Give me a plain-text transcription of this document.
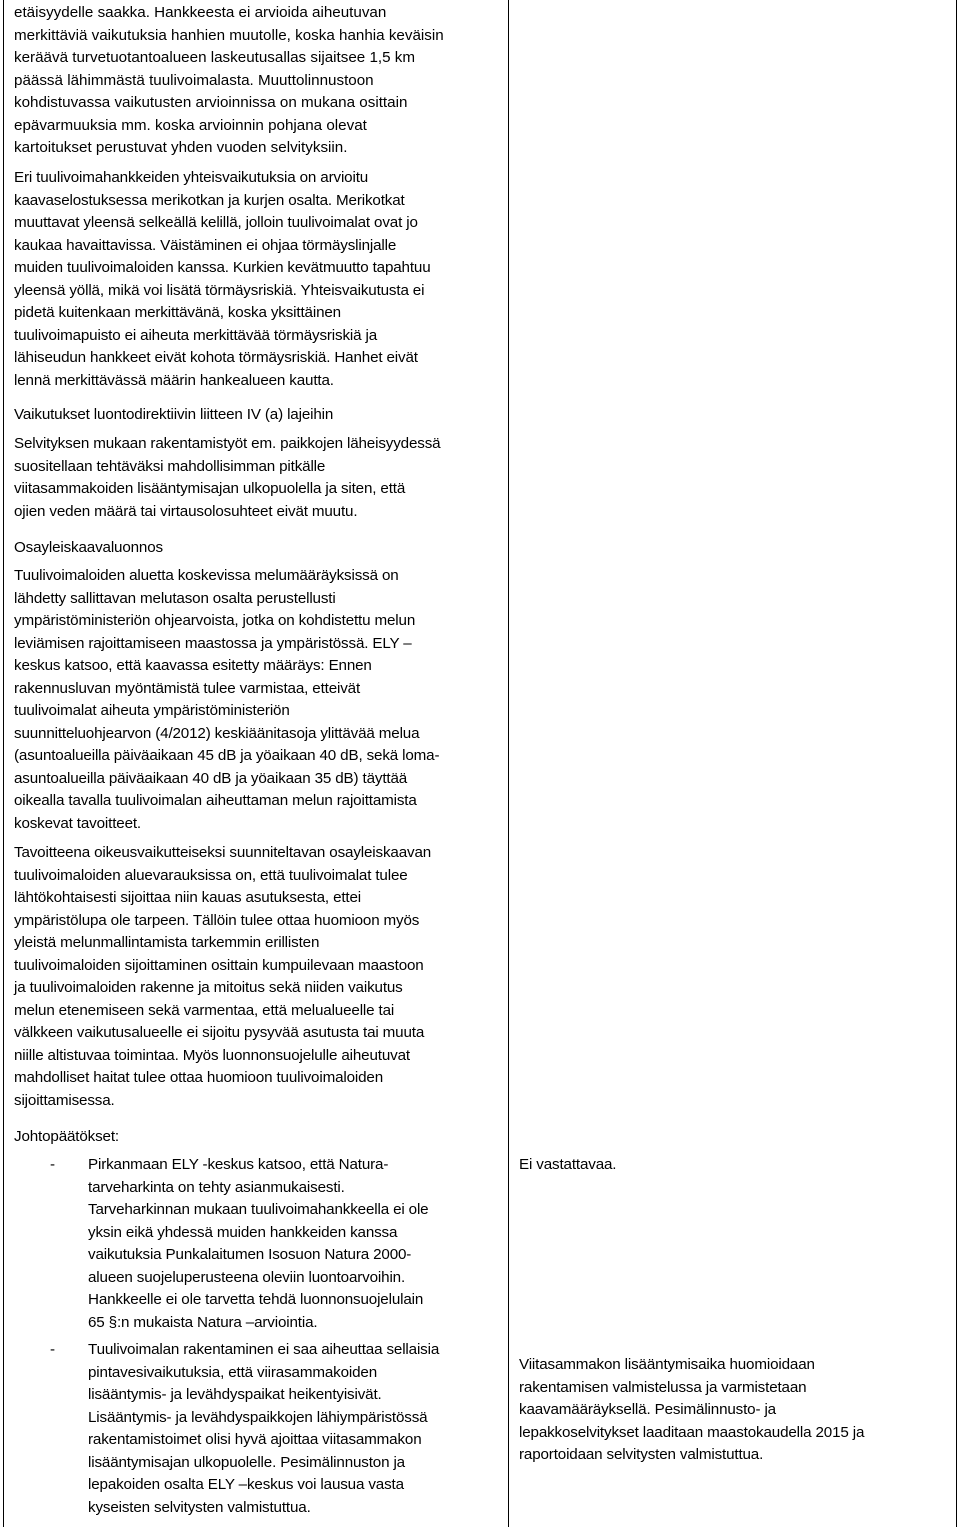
etäisyydelle saakka. Hankkeesta ei arvioida aiheutuvan
merkittäviä vaikutuksia hanhien muutolle, koska hanhia keväisin
keräävä turvetuotantoalueen laskeutusallas sijaitsee 1,5 km
päässä lähimmästä tuulivoimalasta. Muuttolinnustoon
kohdistuvassa vaikutusten arvioinnissa on mukana osittain
epävarmuuksia mm. koska arvioinnin pohjana olevat
kartoitukset perustuvat yhden vuoden selvityksiin.
Eri tuulivoimahankkeiden yhteisvaikutuksia on arvioitu
kaavaselostuksessa merikotkan ja kurjen osalta. Merikotkat
muuttavat yleensä selkeällä kelillä, jolloin tuulivoimalat ovat jo
kaukaa havaittavissa. Väistäminen ei ohjaa törmäyslinjalle
muiden tuulivoimaloiden kanssa. Kurkien kevätmuutto tapahtuu
yleensä yöllä, mikä voi lisätä törmäysriskiä. Yhteisvaikutusta ei
pidetä kuitenkaan merkittävänä, koska yksittäinen
tuulivoimapuisto ei aiheuta merkittävää törmäysriskiä ja
lähiseudun hankkeet eivät kohota törmäysriskiä. Hanhet eivät
lennä merkittävässä määrin hankealueen kautta.
Vaikutukset luontodirektiivin liitteen IV (a) lajeihin
Selvityksen mukaan rakentamistyöt em. paikkojen läheisyydessä
suositellaan tehtäväksi mahdollisimman pitkälle
viitasammakoiden lisääntymisajan ulkopuolella ja siten, että
ojien veden määrä tai virtausolosuhteet eivät muutu.
Osayleiskaavaluonnos
Tuulivoimaloiden aluetta koskevissa melumääräyksissä on
lähdetty sallittavan melutason osalta perustellusti
ympäristöministeriön ohjearvoista, jotka on kohdistettu melun
leviämisen rajoittamiseen maastossa ja ympäristössä. ELY –
keskus katsoo, että kaavassa esitetty määräys: Ennen
rakennusluvan myöntämistä tulee varmistaa, etteivät
tuulivoimalat aiheuta ympäristöministeriön
suunnitteluohjearvon (4/2012) keskiäänitasoja ylittävää melua
(asuntoalueilla päiväaikaan 45 dB ja yöaikaan 40 dB, sekä loma-
asuntoalueilla päiväaikaan 40 dB ja yöaikaan 35 dB) täyttää
oikealla tavalla tuulivoimalan aiheuttaman melun rajoittamista
koskevat tavoitteet.
Tavoitteena oikeusvaikutteiseksi suunniteltavan osayleiskaavan
tuulivoimaloiden aluevarauksissa on, että tuulivoimalat tulee
lähtökohtaisesti sijoittaa niin kauas asutuksesta, ettei
ympäristölupa ole tarpeen. Tällöin tulee ottaa huomioon myös
yleistä melunmallintamista tarkemmin erillisten
tuulivoimaloiden sijoittaminen osittain kumpuilevaan maastoon
ja tuulivoimaloiden rakenne ja mitoitus sekä niiden vaikutus
melun etenemiseen sekä varmentaa, että melualueelle tai
välkkeen vaikutusalueelle ei sijoitu pysyvää asutusta tai muuta
niille altistuvaa toimintaa. Myös luonnonsuojelulle aiheutuvat
mahdolliset haitat tulee ottaa huomioon tuulivoimaloiden
sijoittamisessa.
Johtopäätökset:
- Pirkanmaan ELY -keskus katsoo, että Natura-
tarveharkinta on tehty asianmukaisesti.
Tarveharkinnan mukaan tuulivoimahankkeella ei ole
yksin eikä yhdessä muiden hankkeiden kanssa
vaikutuksia Punkalaitumen Isosuon Natura 2000-
alueen suojeluperusteena oleviin luontoarvoihin.
Hankkeelle ei ole tarvetta tehdä luonnonsuojelulain
65 §:n mukaista Natura –arviointia.
- Tuulivoimalan rakentaminen ei saa aiheuttaa sellaisia
pintavesivaikutuksia, että viirasammakoiden
lisääntymis- ja levähdyspaikat heikentyisivät.
Lisääntymis- ja levähdyspaikkojen lähiympäristössä
rakentamistoimet olisi hyvä ajoittaa viitasammakon
lisääntymisajan ulkopuolelle. Pesimälinnuston ja
lepakoiden osalta ELY –keskus voi lausua vasta
kyseisten selvitysten valmistuttua.
Ei vastattavaa.
Viitasammakon lisääntymisaika huomioidaan
rakentamisen valmistelussa ja varmistetaan
kaavamääräyksellä. Pesimälinnusto- ja
lepakkoselvitykset laaditaan maastokaudella 2015 ja
raportoidaan selvitysten valmistuttua.
